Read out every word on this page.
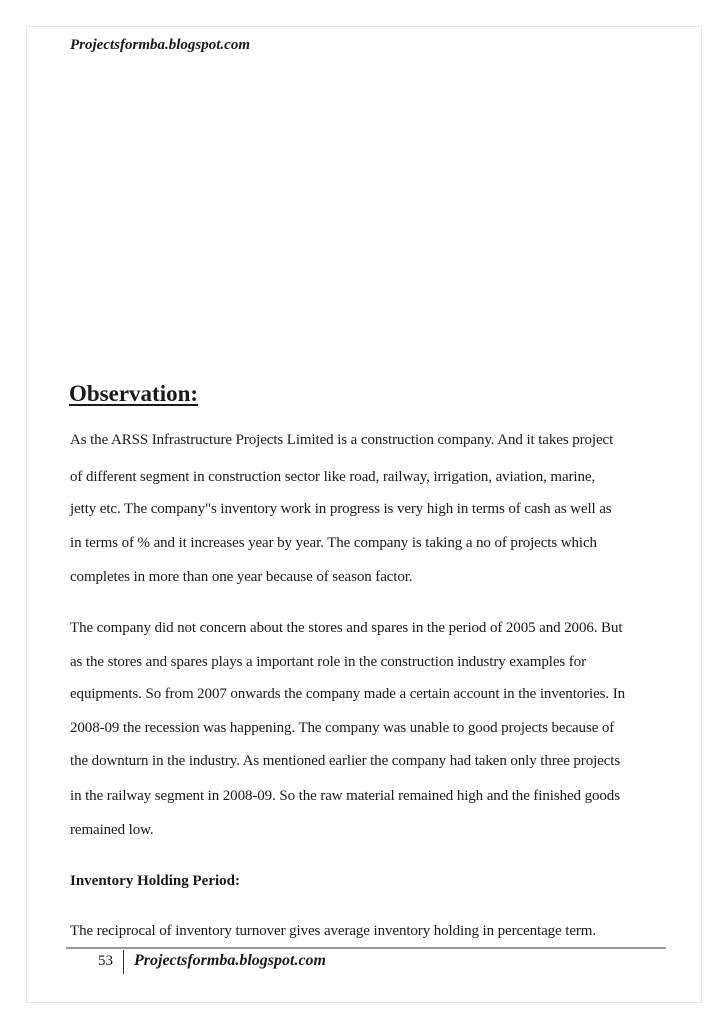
Projectsformba.blogspot.com
Observation:
As the ARSS Infrastructure Projects Limited is a construction company. And it takes project
of different segment in construction sector like road, railway, irrigation, aviation, marine,
jetty etc. The company"s inventory work in progress is very high in terms of cash as well as
in terms of % and it increases year by year. The company is taking a no of projects which
completes in more than one year because of season factor.
The company did not concern about the stores and spares in the period of 2005 and 2006. But
as the stores and spares plays a important role in the construction industry examples for
equipments. So from 2007 onwards the company made a certain account in the inventories. In
2008-09 the recession was happening. The company was unable to good projects because of
the downturn in the industry. As mentioned earlier the company had taken only three projects
in the railway segment in 2008-09. So the raw material remained high and the finished goods
remained low.
Inventory Holding Period:
The reciprocal of inventory turnover gives average inventory holding in percentage term.
53 Projectsformba.blogspot.com
